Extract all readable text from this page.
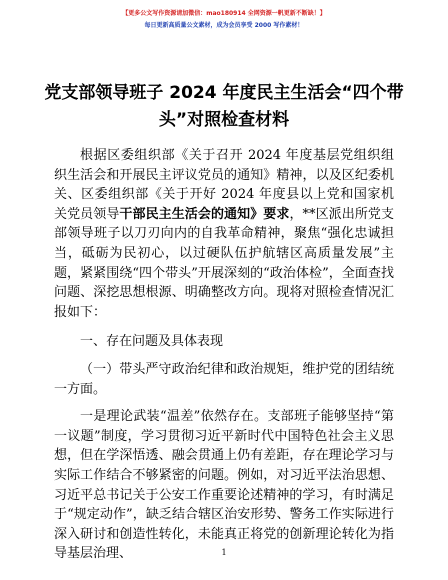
【更多公文写作资源请加微信：mao180914 全网资源一帆更新不断缺！】
每日更新高质量公文素材，成为会员享受 2000 写作素材！
党支部领导班子 2024 年度民主生活会“四个带头”对照检查材料

根据区委组织部《关于召开 2024 年度基层党组织组织生活会和开展民主评议党员的通知》精神，以及区纪委机关、区委组织部《关于开好 2024 年度县以上党和国家机关党员领导干部民主生活会的通知》要求，**区派出所党支部领导班子以刀刃向内的自我革命精神，聚焦“强化忠诚担当，砥砺为民初心，以过硬队伍护航辖区高质量发展”主题，紧紧围绕“四个带头”开展深刻的“政治体检”，全面查找问题、深挖思想根源、明确整改方向。现将对照检查情况汇报如下：

一、存在问题及具体表现

（一）带头严守政治纪律和政治规矩，维护党的团结统一方面。

一是理论武装“温差”依然存在。支部班子能够坚持“第一议题”制度，学习贯彻习近平新时代中国特色社会主义思想，但在学深悟透、融会贯通上仍有差距，存在理论学习与实际工作结合不够紧密的问题。例如，对习近平法治思想、习近平总书记关于公安工作重要论述精神的学习，有时满足于“规定动作”，缺乏结合辖区治安形势、警务工作实际进行深入研讨和创造性转化，未能真正将党的创新理论转化为指导基层治理、	1
